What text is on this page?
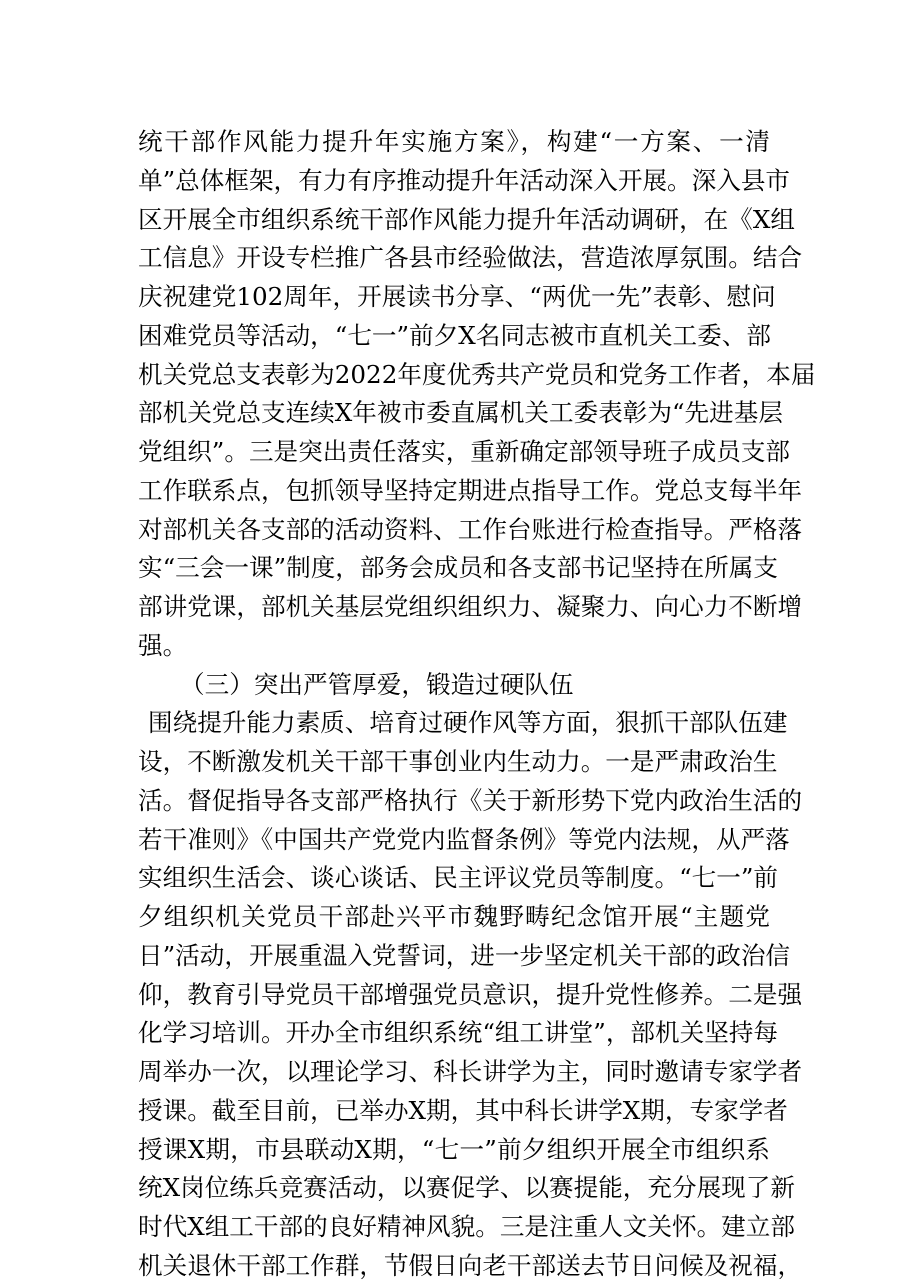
统干部作风能力提升年实施方案》，构建“一方案、一清
单”总体框架，有力有序推动提升年活动深入开展。深入县市
区开展全市组织系统干部作风能力提升年活动调研，在《X组
工信息》开设专栏推广各县市经验做法，营造浓厚氛围。结合
庆祝建党102周年，开展读书分享、“两优一先”表彰、慰问
困难党员等活动，“七一”前夕X名同志被市直机关工委、部
机关党总支表彰为2022年度优秀共产党员和党务工作者，本届
部机关党总支连续X年被市委直属机关工委表彰为“先进基层
党组织”。三是突出责任落实，重新确定部领导班子成员支部
工作联系点，包抓领导坚持定期进点指导工作。党总支每半年
对部机关各支部的活动资料、工作台账进行检查指导。严格落
实“三会一课”制度，部务会成员和各支部书记坚持在所属支
部讲党课，部机关基层党组织组织力、凝聚力、向心力不断增
强。
（三）突出严管厚爱，锻造过硬队伍
围绕提升能力素质、培育过硬作风等方面，狠抓干部队伍建
设，不断激发机关干部干事创业内生动力。一是严肃政治生
活。督促指导各支部严格执行《关于新形势下党内政治生活的
若干准则》《中国共产党党内监督条例》等党内法规，从严落
实组织生活会、谈心谈话、民主评议党员等制度。“七一”前
夕组织机关党员干部赴兴平市魏野畴纪念馆开展“主题党
日”活动，开展重温入党誓词，进一步坚定机关干部的政治信
仰，教育引导党员干部增强党员意识，提升党性修养。二是强
化学习培训。开办全市组织系统“组工讲堂”，部机关坚持每
周举办一次，以理论学习、科长讲学为主，同时邀请专家学者
授课。截至目前，已举办X期，其中科长讲学X期，专家学者
授课X期，市县联动X期，“七一”前夕组织开展全市组织系
统X岗位练兵竞赛活动，以赛促学、以赛提能，充分展现了新
时代X组工干部的良好精神风貌。三是注重人文关怀。建立部
机关退休干部工作群，节假日向老干部送去节日问候及祝福，
